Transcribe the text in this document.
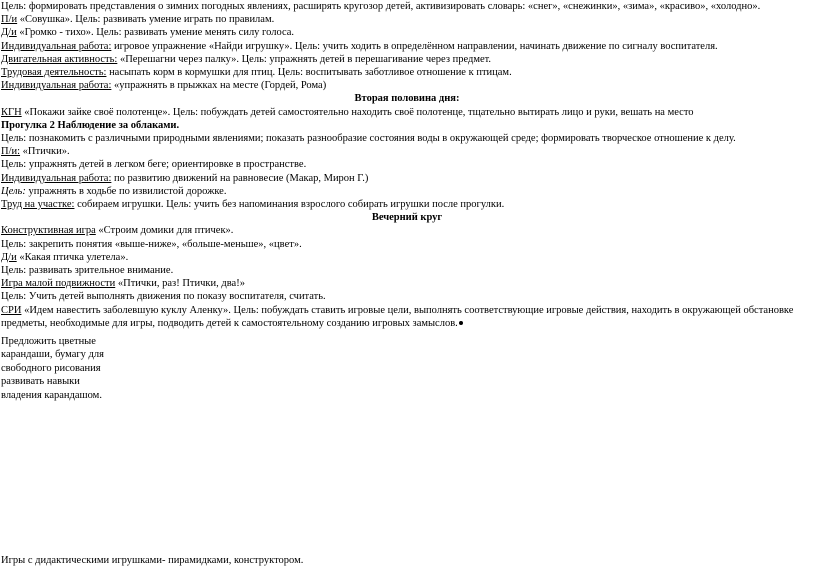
Цель: формировать представления о зимних погодных явлениях, расширять кругозор детей, активизировать словарь: «снег», «снежинки», «зима», «красиво», «холодно».
П/и «Совушка». Цель: развивать умение играть по правилам.
Д/и «Громко - тихо». Цель: развивать умение менять силу голоса.
Индивидуальная работа: игровое упражнение «Найди игрушку». Цель: учить ходить в определённом направлении, начинать движение по сигналу воспитателя.
Двигательная активность: «Перешагни через палку». Цель: упражнять детей в перешагивание через предмет.
Трудовая деятельность: насыпать корм в кормушки для птиц. Цель: воспитывать заботливое отношение к птицам.
Индивидуальная работа: «упражнять в прыжках на месте (Гордей, Рома)
Вторая половина дня:
КГН «Покажи зайке своё полотенце». Цель: побуждать детей самостоятельно находить своё полотенце, тщательно вытирать лицо и руки, вешать на место
Прогулка 2 Наблюдение за облаками.
Цель: познакомить с различными природными явлениями; показать разнообразие состояния воды в окружающей среде; формировать творческое отношение к делу.
П/и: «Птички».
Цель: упражнять детей в легком беге; ориентировке в пространстве.
Индивидуальная работа: по развитию движений на равновесие (Макар, Мирон Г.)
Цель: упражнять в ходьбе по извилистой дорожке.
Труд на участке: собираем игрушки. Цель: учить без напоминания взрослого собирать игрушки после прогулки.
Вечерний круг
Конструктивная игра «Строим домики для птичек».
Цель: закрепить понятия «выше-ниже», «больше-меньше», «цвет».
Д/и «Какая птичка улетела».
Цель: развивать зрительное внимание.
Игра малой подвижности «Птички, раз! Птички, два!»
Цель: Учить детей выполнять движения по показу воспитателя, считать.
СРИ «Идем навестить заболевшую куклу Аленку». Цель: побуждать ставить игровые цели, выполнять соответствующие игровые действия, находить в окружающей обстановке
предметы, необходимые для игры, подводить детей к самостоятельному созданию игровых замыслов.
Предложить цветные
карандаши, бумагу для
свободного рисования
развивать навыки
владения карандашом.
Игры с дидактическими игрушками- пирамидками, конструктором.
